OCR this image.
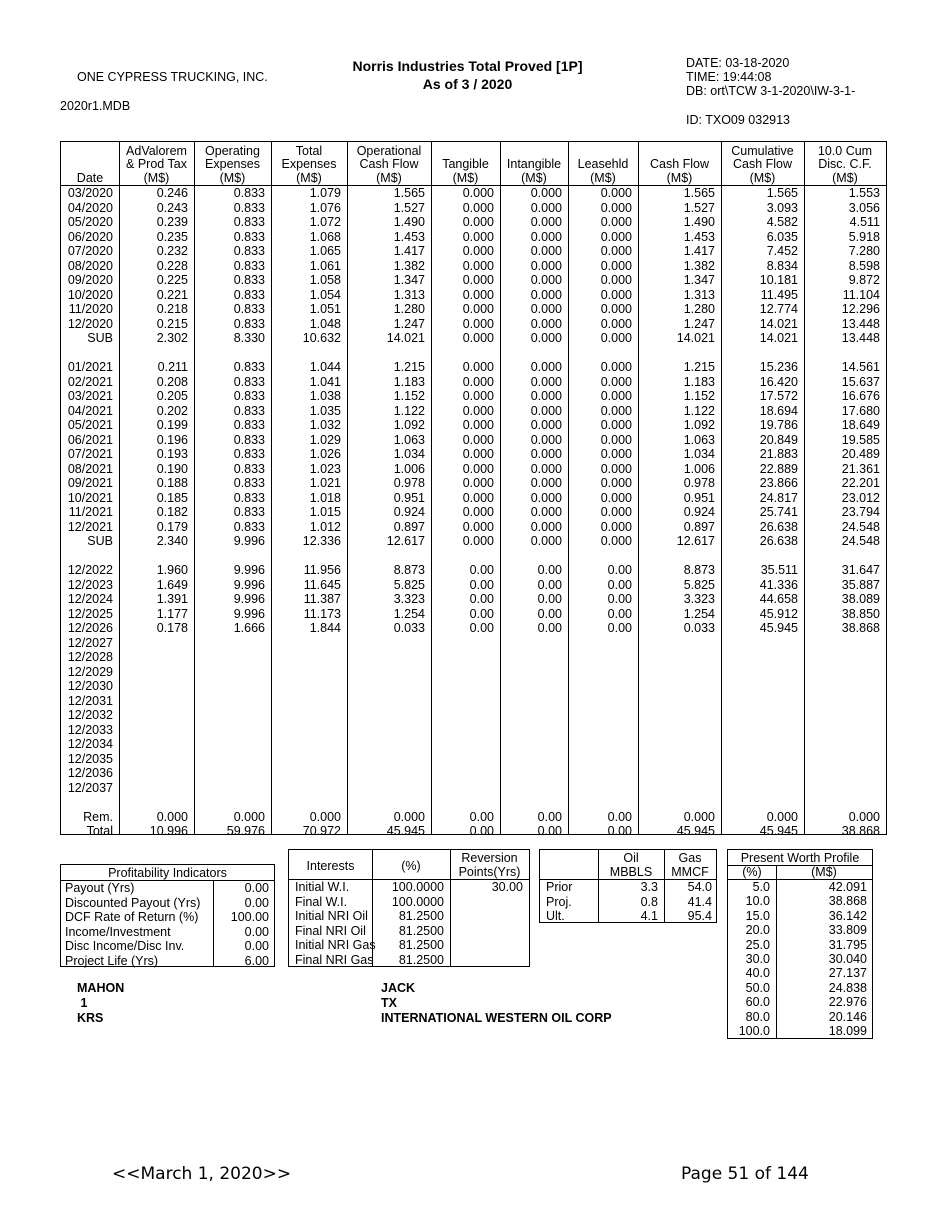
ONE CYPRESS TRUCKING, INC.
2020r1.MDB
Norris Industries Total Proved [1P]
As of 3 / 2020
DATE: 03-18-2020
TIME: 19:44:08
DB: ort\TCW 3-1-2020\IW-3-1-
ID: TXO09 032913

Date
AdValorem
& Prod Tax
(M$)
Operating
Expenses
(M$)
Total
Expenses
(M$)
Operational
Cash Flow
(M$)

Tangible
(M$)

Intangible
(M$)

Leasehld
(M$)

Cash Flow
(M$)
Cumulative
Cash Flow
(M$)
10.0 Cum
Disc. C.F.
(M$)
03/2020	0.246	0.833	1.079	1.565	0.000	0.000	0.000	1.565	1.565	1.553
04/2020	0.243	0.833	1.076	1.527	0.000	0.000	0.000	1.527	3.093	3.056
05/2020	0.239	0.833	1.072	1.490	0.000	0.000	0.000	1.490	4.582	4.511
06/2020	0.235	0.833	1.068	1.453	0.000	0.000	0.000	1.453	6.035	5.918
07/2020	0.232	0.833	1.065	1.417	0.000	0.000	0.000	1.417	7.452	7.280
08/2020	0.228	0.833	1.061	1.382	0.000	0.000	0.000	1.382	8.834	8.598
09/2020	0.225	0.833	1.058	1.347	0.000	0.000	0.000	1.347	10.181	9.872
10/2020	0.221	0.833	1.054	1.313	0.000	0.000	0.000	1.313	11.495	11.104
11/2020	0.218	0.833	1.051	1.280	0.000	0.000	0.000	1.280	12.774	12.296
12/2020	0.215	0.833	1.048	1.247	0.000	0.000	0.000	1.247	14.021	13.448
SUB	2.302	8.330	10.632	14.021	0.000	0.000	0.000	14.021	14.021	13.448
01/2021	0.211	0.833	1.044	1.215	0.000	0.000	0.000	1.215	15.236	14.561
02/2021	0.208	0.833	1.041	1.183	0.000	0.000	0.000	1.183	16.420	15.637
03/2021	0.205	0.833	1.038	1.152	0.000	0.000	0.000	1.152	17.572	16.676
04/2021	0.202	0.833	1.035	1.122	0.000	0.000	0.000	1.122	18.694	17.680
05/2021	0.199	0.833	1.032	1.092	0.000	0.000	0.000	1.092	19.786	18.649
06/2021	0.196	0.833	1.029	1.063	0.000	0.000	0.000	1.063	20.849	19.585
07/2021	0.193	0.833	1.026	1.034	0.000	0.000	0.000	1.034	21.883	20.489
08/2021	0.190	0.833	1.023	1.006	0.000	0.000	0.000	1.006	22.889	21.361
09/2021	0.188	0.833	1.021	0.978	0.000	0.000	0.000	0.978	23.866	22.201
10/2021	0.185	0.833	1.018	0.951	0.000	0.000	0.000	0.951	24.817	23.012
11/2021	0.182	0.833	1.015	0.924	0.000	0.000	0.000	0.924	25.741	23.794
12/2021	0.179	0.833	1.012	0.897	0.000	0.000	0.000	0.897	26.638	24.548
SUB	2.340	9.996	12.336	12.617	0.000	0.000	0.000	12.617	26.638	24.548
12/2022	1.960	9.996	11.956	8.873	0.00	0.00	0.00	8.873	35.511	31.647
12/2023	1.649	9.996	11.645	5.825	0.00	0.00	0.00	5.825	41.336	35.887
12/2024	1.391	9.996	11.387	3.323	0.00	0.00	0.00	3.323	44.658	38.089
12/2025	1.177	9.996	11.173	1.254	0.00	0.00	0.00	1.254	45.912	38.850
12/2026	0.178	1.666	1.844	0.033	0.00	0.00	0.00	0.033	45.945	38.868
12/2027
12/2028
12/2029
12/2030
12/2031
12/2032
12/2033
12/2034
12/2035
12/2036
12/2037
Rem.	0.000	0.000	0.000	0.000	0.00	0.00	0.00	0.000	0.000	0.000
Total	10.996	59.976	70.972	45.945	0.00	0.00	0.00	45.945	45.945	38.868
Profitability Indicators
Payout (Yrs)	0.00
Discounted Payout (Yrs)	0.00
DCF Rate of Return (%)	100.00
Income/Investment	0.00
Disc Income/Disc Inv.	0.00
Project Life (Yrs)	6.00
Interests	(%)
Reversion
Points(Yrs)
Initial W.I.	100.0000	30.00
Final W.I.	100.0000
Initial NRI Oil	81.2500
Final NRI Oil	81.2500
Initial NRI Gas	81.2500
Final NRI Gas	81.2500
Oil
MBBLS
Gas
MMCF
Prior	3.3	54.0
Proj.	0.8	41.4
Ult.	4.1	95.4
Present Worth Profile
(%)	(M$)
5.0	42.091
10.0	38.868
15.0	36.142
20.0	33.809
25.0	31.795
30.0	30.040
40.0	27.137
50.0	24.838
60.0	22.976
80.0	20.146
100.0	18.099
MAHON
1
KRS
JACK
TX
INTERNATIONAL WESTERN OIL CORP
<<March 1, 2020>>	Page 51 of 144
